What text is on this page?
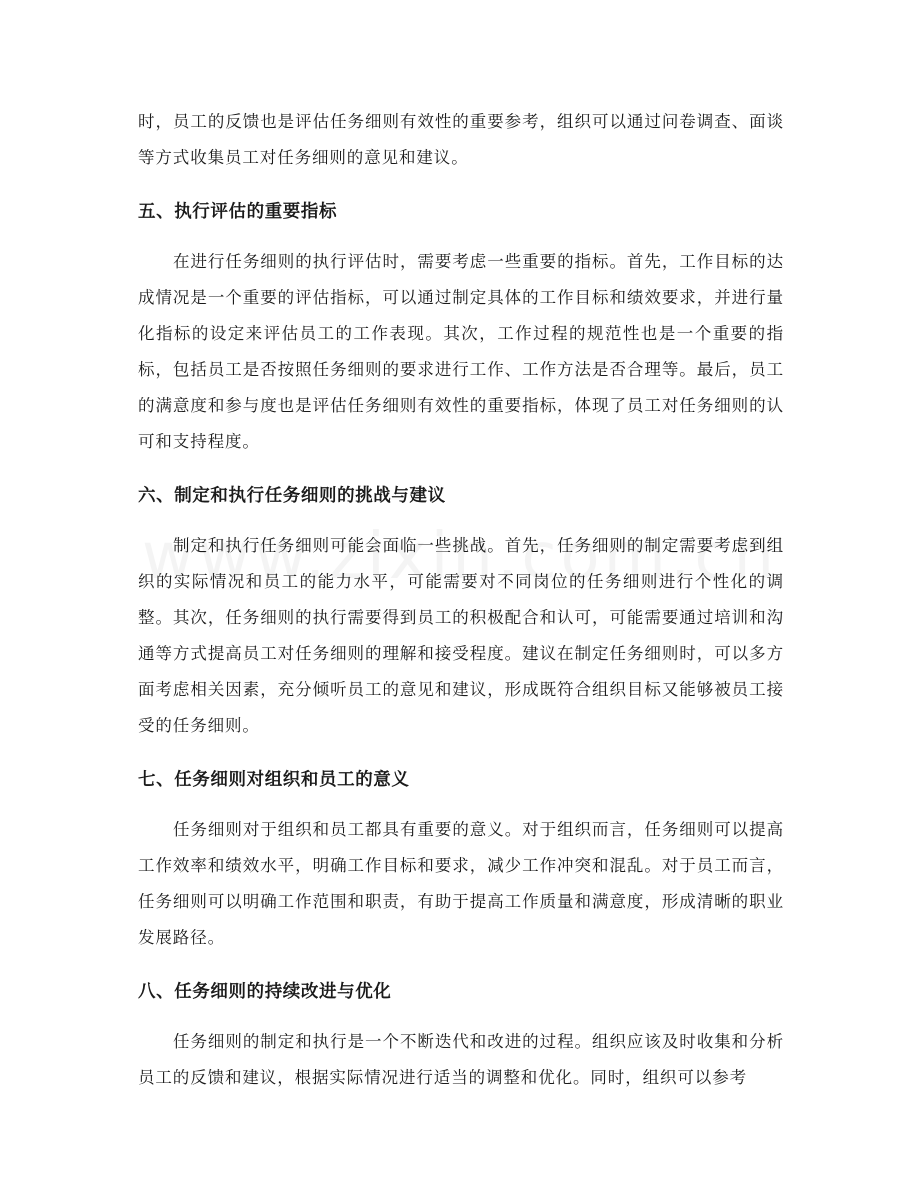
时，员工的反馈也是评估任务细则有效性的重要参考，组织可以通过问卷调查、面谈等方式收集员工对任务细则的意见和建议。

五、执行评估的重要指标

在进行任务细则的执行评估时，需要考虑一些重要的指标。首先，工作目标的达成情况是一个重要的评估指标，可以通过制定具体的工作目标和绩效要求，并进行量化指标的设定来评估员工的工作表现。其次，工作过程的规范性也是一个重要的指标，包括员工是否按照任务细则的要求进行工作、工作方法是否合理等。最后，员工的满意度和参与度也是评估任务细则有效性的重要指标，体现了员工对任务细则的认可和支持程度。

六、制定和执行任务细则的挑战与建议

制定和执行任务细则可能会面临一些挑战。首先，任务细则的制定需要考虑到组织的实际情况和员工的能力水平，可能需要对不同岗位的任务细则进行个性化的调整。其次，任务细则的执行需要得到员工的积极配合和认可，可能需要通过培训和沟通等方式提高员工对任务细则的理解和接受程度。建议在制定任务细则时，可以多方面考虑相关因素，充分倾听员工的意见和建议，形成既符合组织目标又能够被员工接受的任务细则。

七、任务细则对组织和员工的意义

任务细则对于组织和员工都具有重要的意义。对于组织而言，任务细则可以提高工作效率和绩效水平，明确工作目标和要求，减少工作冲突和混乱。对于员工而言，任务细则可以明确工作范围和职责，有助于提高工作质量和满意度，形成清晰的职业发展路径。

八、任务细则的持续改进与优化

任务细则的制定和执行是一个不断迭代和改进的过程。组织应该及时收集和分析员工的反馈和建议，根据实际情况进行适当的调整和优化。同时，组织可以参考
